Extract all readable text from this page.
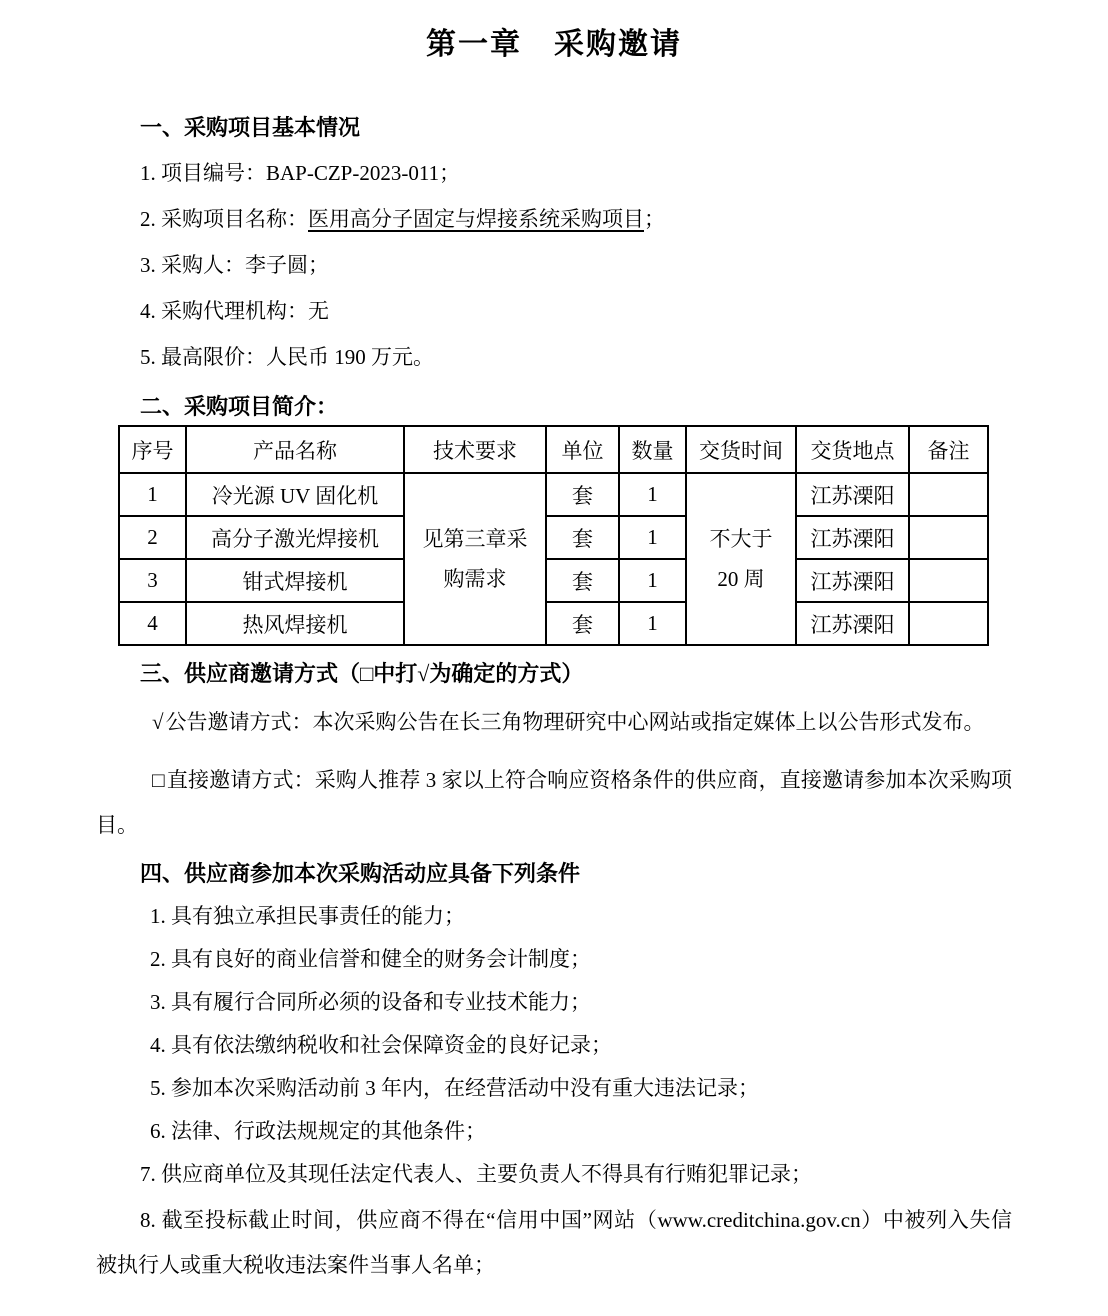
第一章　采购邀请
一、采购项目基本情况

1. 项目编号：BAP-CZP-2023-011；

2. 采购项目名称：医用高分子固定与焊接系统采购项目；

3. 采购人：李子圆；

4. 采购代理机构：无

5. 最高限价：人民币 190 万元。

二、采购项目简介：
序号	产品名称	技术要求	单位	数量	交货时间	交货地点	备注
1	冷光源 UV 固化机	见第三章采购需求	套	1	不大于 20 周	江苏溧阳	
2	高分子激光焊接机		套	1		江苏溧阳	
3	钳式焊接机		套	1		江苏溧阳	
4	热风焊接机		套	1		江苏溧阳	
三、供应商邀请方式（□中打√为确定的方式）

√公告邀请方式：本次采购公告在长三角物理研究中心网站或指定媒体上以公告形式发布。

□直接邀请方式：采购人推荐 3 家以上符合响应资格条件的供应商，直接邀请参加本次采购项目。

四、供应商参加本次采购活动应具备下列条件

1. 具有独立承担民事责任的能力；

2. 具有良好的商业信誉和健全的财务会计制度；

3. 具有履行合同所必须的设备和专业技术能力；

4. 具有依法缴纳税收和社会保障资金的良好记录；

5. 参加本次采购活动前 3 年内，在经营活动中没有重大违法记录；

6. 法律、行政法规规定的其他条件；

7. 供应商单位及其现任法定代表人、主要负责人不得具有行贿犯罪记录；

8. 截至投标截止时间，供应商不得在“信用中国”网站（www.creditchina.gov.cn）中被列入失信被执行人或重大税收违法案件当事人名单；
